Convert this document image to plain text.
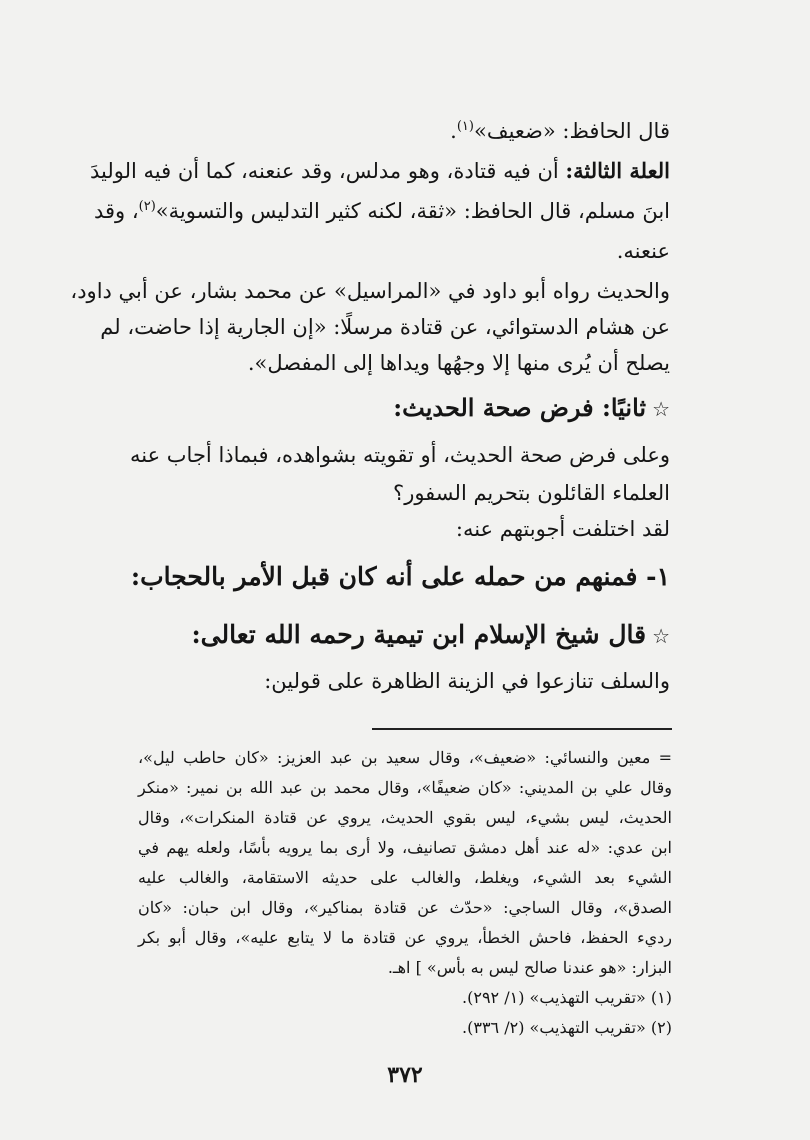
قال الحافظ: «ضعيف»$^{(١)}$.
العلة الثالثة: أن فيه قتادة، وهو مدلس، وقد عنعنه، كما أن فيه الوليدَ
ابنَ مسلم، قال الحافظ: «ثقة، لكنه كثير التدليس والتسوية»$^{(٢)}$، وقد
عنعنه.
والحديث رواه أبو داود في «المراسيل» عن محمد بشار، عن أبي داود،
عن هشام الدستوائي، عن قتادة مرسلًا: «إن الجارية إذا حاضت، لم
يصلح أن يُرى منها إلا وجهُها ويداها إلى المفصل».
☆ثانيًا: فرض صحة الحديث:
وعلى فرض صحة الحديث، أو تقويته بشواهده، فبماذا أجاب عنه
العلماء القائلون بتحريم السفور؟
لقد اختلفت أجوبتهم عنه:
١- فمنهم من حمله على أنه كان قبل الأمر بالحجاب:
☆قال شيخ الإسلام ابن تيمية رحمه الله تعالى:
والسلف تنازعوا في الزينة الظاهرة على قولين:
= معين والنسائي: «ضعيف»، وقال سعيد بن عبد العزيز: «كان حاطب ليل»،
وقال علي بن المديني: «كان ضعيفًا»، وقال محمد بن عبد الله بن نمير: «منكر
الحديث، ليس بشيء، ليس بقوي الحديث، يروي عن قتادة المنكرات»، وقال
ابن عدي: «له عند أهل دمشق تصانيف، ولا أرى بما يرويه بأسًا، ولعله يهم في
الشيء بعد الشيء، ويغلط، والغالب على حديثه الاستقامة، والغالب عليه
الصدق»، وقال الساجي: «حدّث عن قتادة بمناكير»، وقال ابن حبان: «كان
رديء الحفظ، فاحش الخطأ، يروي عن قتادة ما لا يتابع عليه»، وقال أبو بكر
البزار: «هو عندنا صالح ليس به بأس» ] اهـ.
(١) «تقريب التهذيب» (١/ ٢٩٢).
(٢) «تقريب التهذيب» (٢/ ٣٣٦).
٣٧٢
